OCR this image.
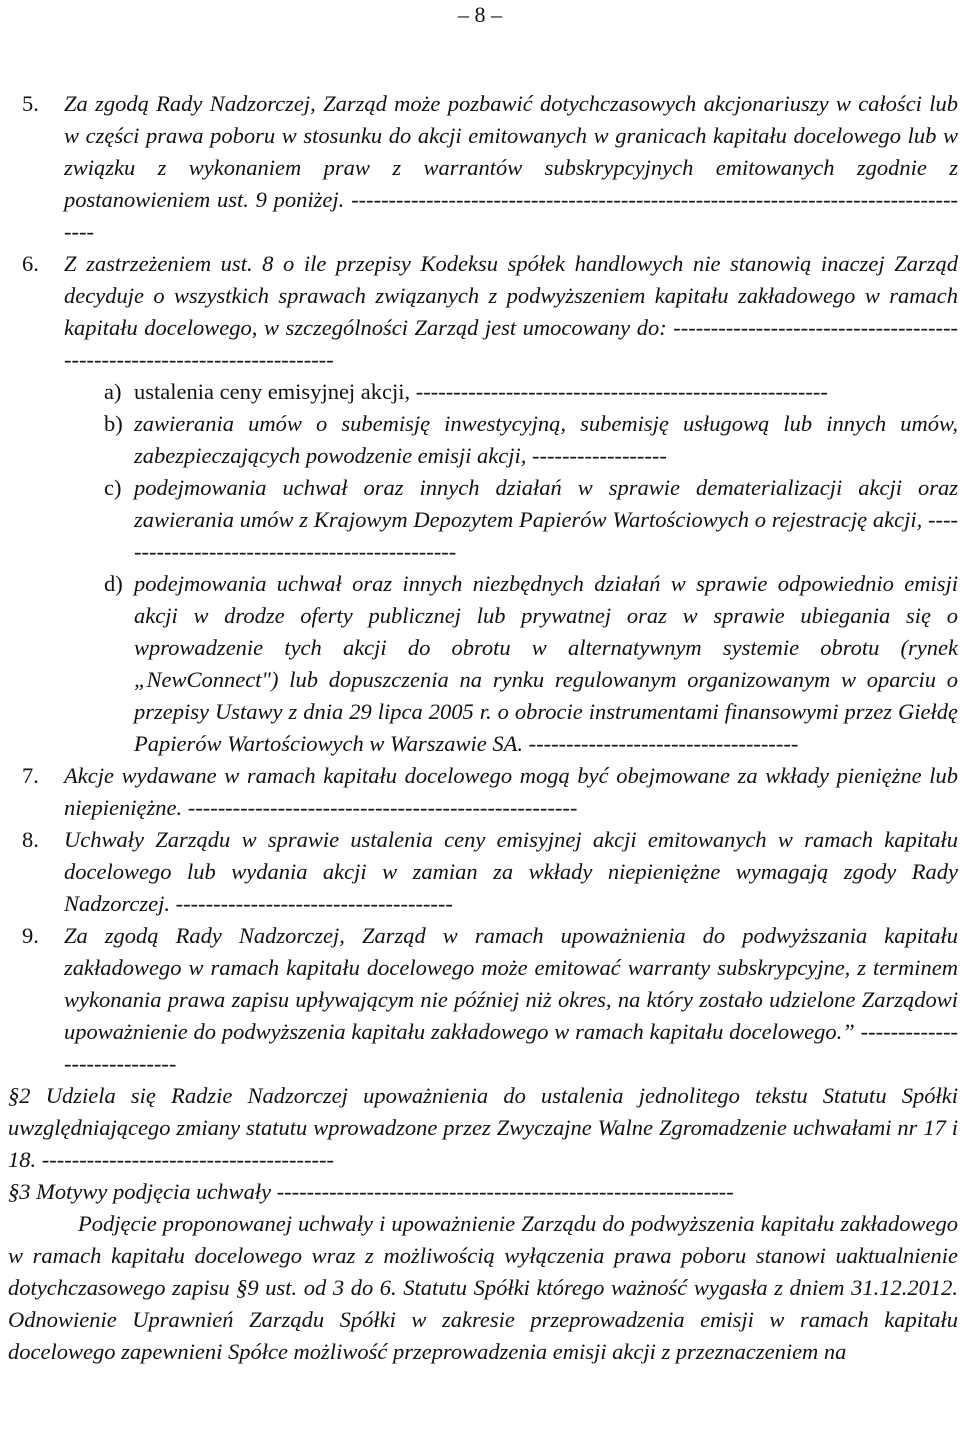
– 8 –
5. Za zgodą Rady Nadzorczej, Zarząd może pozbawić dotychczasowych akcjonariuszy w całości lub w części prawa poboru w stosunku do akcji emitowanych w granicach kapitału docelowego lub w związku z wykonaniem praw z warrantów subskrypcyjnych emitowanych zgodnie z postanowieniem ust. 9 poniżej. -------------------------------------------------------------------------------------

6. Z zastrzeżeniem ust. 8 o ile przepisy Kodeksu spółek handlowych nie stanowią inaczej Zarząd decyduje o wszystkich sprawach związanych z podwyższeniem kapitału zakładowego w ramach kapitału docelowego, w szczególności Zarząd jest umocowany do: --------------------------------------------------------------------------

a) ustalenia ceny emisyjnej akcji, -------------------------------------------------------

b) zawierania umów o subemisję inwestycyjną, subemisję usługową lub innych umów, zabezpieczających powodzenie emisji akcji, ------------------

c) podejmowania uchwał oraz innych działań w sprawie dematerializacji akcji oraz zawierania umów z Krajowym Depozytem Papierów Wartościowych o rejestrację akcji, -----------------------------------------------

d) podejmowania uchwał oraz innych niezbędnych działań w sprawie odpowiednio emisji akcji w drodze oferty publicznej lub prywatnej oraz w sprawie ubiegania się o wprowadzenie tych akcji do obrotu w alternatywnym systemie obrotu (rynek „NewConnect") lub dopuszczenia na rynku regulowanym organizowanym w oparciu o przepisy Ustawy z dnia 29 lipca 2005 r. o obrocie instrumentami finansowymi przez Giełdę Papierów Wartościowych w Warszawie SA. ------------------------------------

7. Akcje wydawane w ramach kapitału docelowego mogą być obejmowane za wkłady pieniężne lub niepieniężne. ----------------------------------------------------

8. Uchwały Zarządu w sprawie ustalenia ceny emisyjnej akcji emitowanych w ramach kapitału docelowego lub wydania akcji w zamian za wkłady niepieniężne wymagają zgody Rady Nadzorczej. -------------------------------------

9. Za zgodą Rady Nadzorczej, Zarząd w ramach upoważnienia do podwyższania kapitału zakładowego w ramach kapitału docelowego może emitować warranty subskrypcyjne, z terminem wykonania prawa zapisu upływającym nie później niż okres, na który zostało udzielone Zarządowi upoważnienie do podwyższenia kapitału zakładowego w ramach kapitału docelowego.” ----------------------------

§2 Udziela się Radzie Nadzorczej upoważnienia do ustalenia jednolitego tekstu Statutu Spółki uwzględniającego zmiany statutu wprowadzone przez Zwyczajne Walne Zgromadzenie uchwałami nr 17 i 18. ---------------------------------------

§3 Motywy podjęcia uchwały -------------------------------------------------------------

Podjęcie proponowanej uchwały i upoważnienie Zarządu do podwyższenia kapitału zakładowego w ramach kapitału docelowego wraz z możliwością wyłączenia prawa poboru stanowi uaktualnienie dotychczasowego zapisu §9 ust. od 3 do 6. Statutu Spółki którego ważność wygasła z dniem 31.12.2012. Odnowienie Uprawnień Zarządu Spółki w zakresie przeprowadzenia emisji w ramach kapitału docelowego zapewnieni Spółce możliwość przeprowadzenia emisji akcji z przeznaczeniem na
